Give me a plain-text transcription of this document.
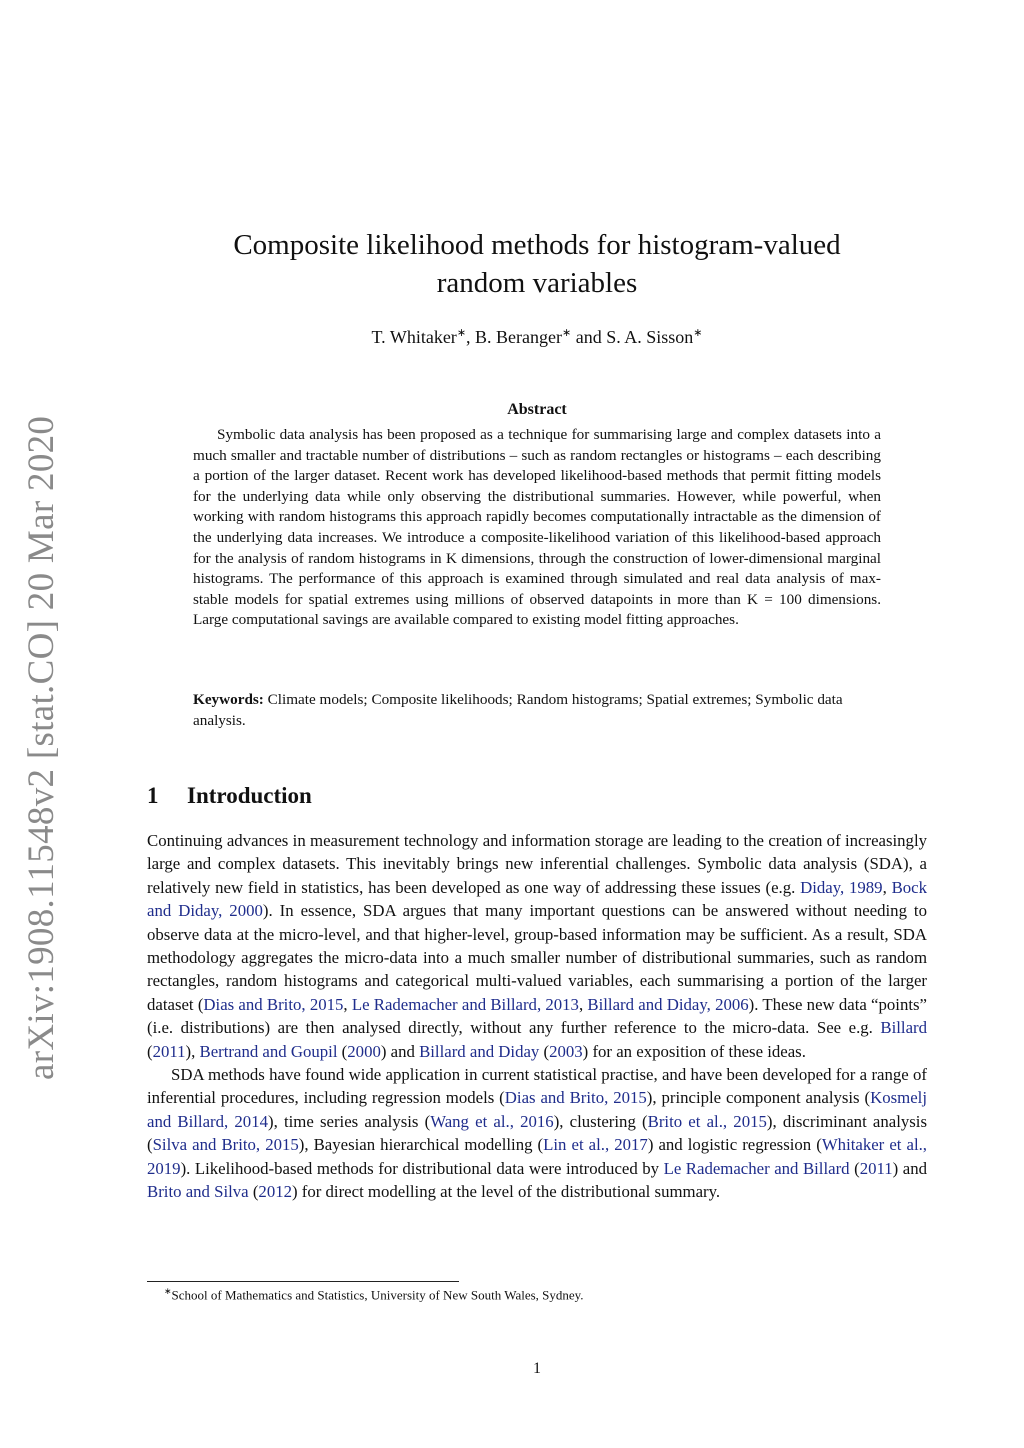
arXiv:1908.11548v2 [stat.CO] 20 Mar 2020
Composite likelihood methods for histogram-valued
random variables
T. Whitaker∗, B. Beranger∗ and S. A. Sisson∗
Abstract
Symbolic data analysis has been proposed as a technique for summarising large and complex datasets into a much smaller and tractable number of distributions – such as random rectangles or histograms – each describing a portion of the larger dataset. Recent work has developed likelihood-based methods that permit fitting models for the underlying data while only observing the distributional summaries. However, while powerful, when working with random histograms this approach rapidly becomes computationally intractable as the dimension of the underlying data increases. We introduce a composite-likelihood variation of this likelihood-based approach for the analysis of random histograms in K dimensions, through the construction of lower-dimensional marginal histograms. The performance of this approach is examined through simulated and real data analysis of max-stable models for spatial extremes using millions of observed datapoints in more than K = 100 dimensions. Large computational savings are available compared to existing model fitting approaches.
Keywords: Climate models; Composite likelihoods; Random histograms; Spatial extremes; Symbolic data analysis.
1 Introduction

Continuing advances in measurement technology and information storage are leading to the creation of increasingly large and complex datasets. This inevitably brings new inferential challenges. Symbolic data analysis (SDA), a relatively new field in statistics, has been developed as one way of addressing these issues (e.g. Diday, 1989, Bock and Diday, 2000). In essence, SDA argues that many important questions can be answered without needing to observe data at the micro-level, and that higher-level, group-based information may be sufficient. As a result, SDA methodology aggregates the micro-data into a much smaller number of distributional summaries, such as random rectangles, random histograms and categorical multi-valued variables, each summarising a portion of the larger dataset (Dias and Brito, 2015, Le Rademacher and Billard, 2013, Billard and Diday, 2006). These new data “points” (i.e. distributions) are then analysed directly, without any further reference to the micro-data. See e.g. Billard (2011), Bertrand and Goupil (2000) and Billard and Diday (2003) for an exposition of these ideas.

SDA methods have found wide application in current statistical practise, and have been developed for a range of inferential procedures, including regression models (Dias and Brito, 2015), principle component analysis (Kosmelj and Billard, 2014), time series analysis (Wang et al., 2016), clustering (Brito et al., 2015), discriminant analysis (Silva and Brito, 2015), Bayesian hierarchical modelling (Lin et al., 2017) and logistic regression (Whitaker et al., 2019). Likelihood-based methods for distributional data were introduced by Le Rademacher and Billard (2011) and Brito and Silva (2012) for direct modelling at the level of the distributional summary.

∗School of Mathematics and Statistics, University of New South Wales, Sydney.
1
